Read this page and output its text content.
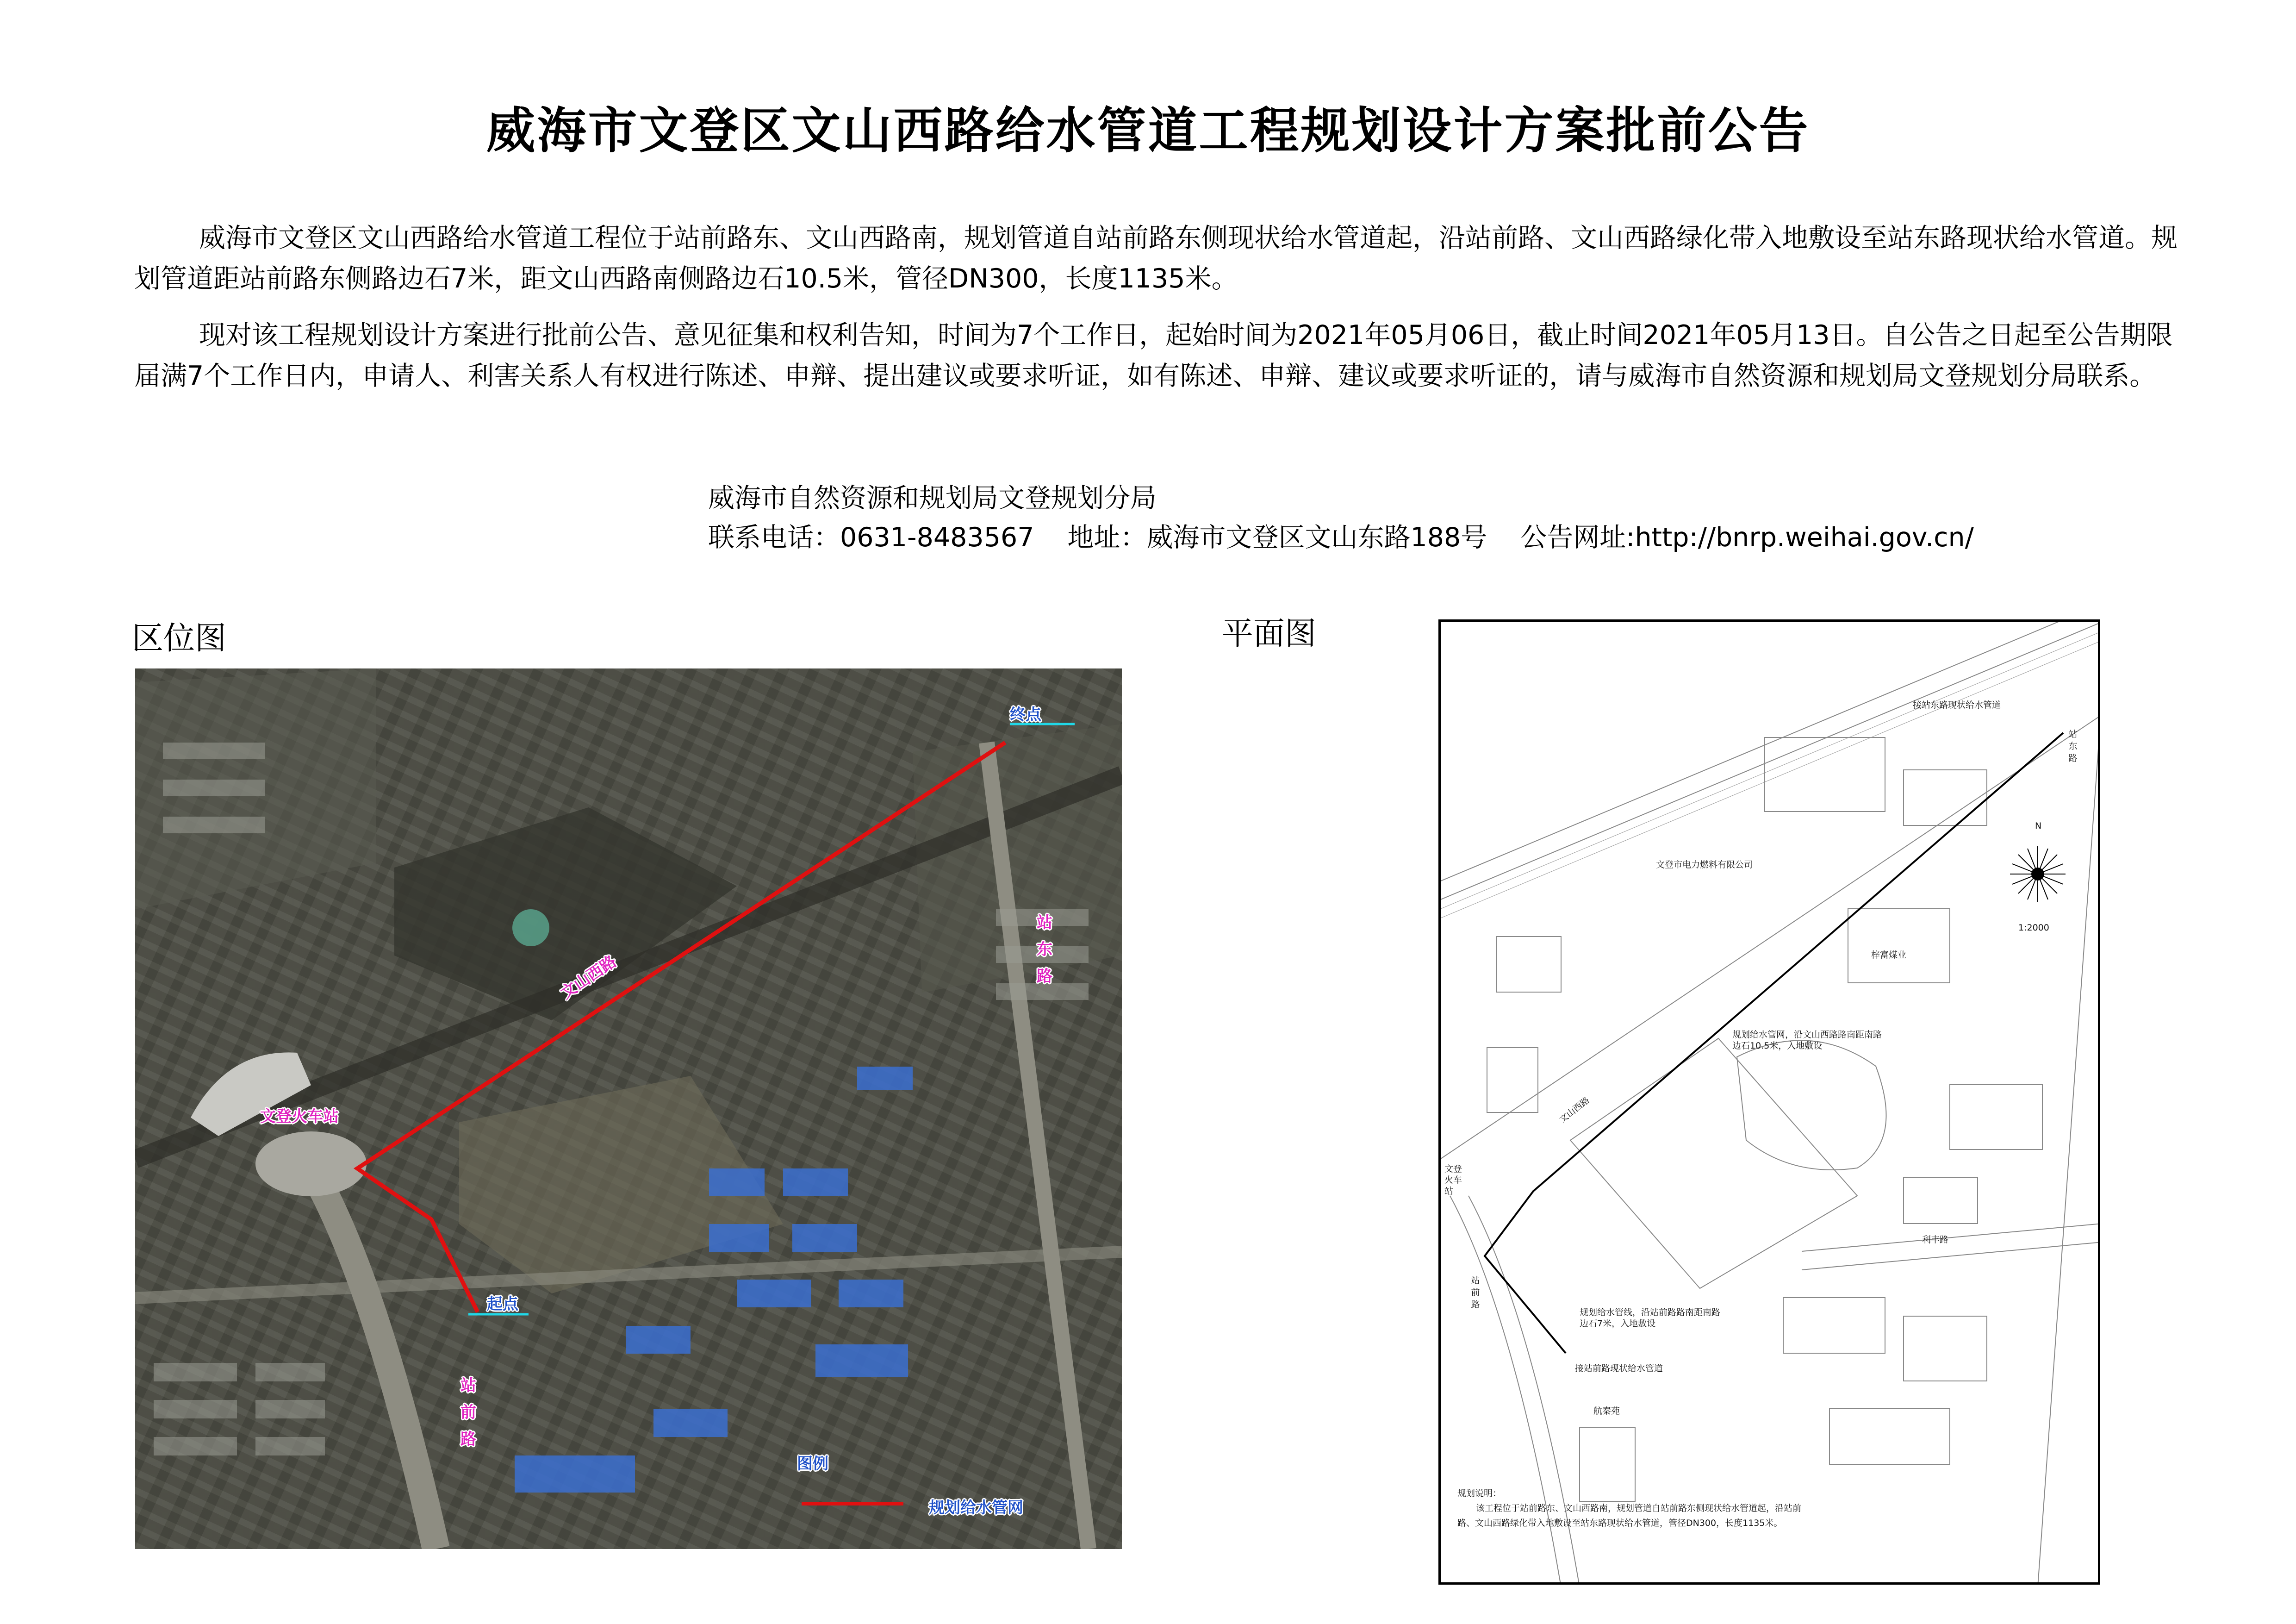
威海市文登区文山西路给水管道工程规划设计方案批前公告

威海市文登区文山西路给水管道工程位于站前路东、文山西路南，规划管道自站前路东侧现状给水管道起，沿站前路、文山西路绿化带入地敷设至站东路现状给水管道。规划管道距站前路东侧路边石7米，距文山西路南侧路边石10.5米，管径DN300，长度1135米。

现对该工程规划设计方案进行批前公告、意见征集和权利告知，时间为7个工作日，起始时间为2021年05月06日，截止时间2021年05月13日。自公告之日起至公告期限届满7个工作日内，申请人、利害关系人有权进行陈述、申辩、提出建议或要求听证，如有陈述、申辩、建议或要求听证的，请与威海市自然资源和规划局文登规划分局联系。

威海市自然资源和规划局文登规划分局
联系电话：0631-8483567 地址：威海市文登区文山东路188号 公告网址:http://bnrp.weihai.gov.cn/
区位图	平面图
终点
起点
文山西路
站东路
站前路
文登火车站
图例
规划给水管网
接站东路现状给水管道
站东路
N
1:2000
文登市电力燃料有限公司
梓富煤业
规划给水管网，沿文山西路路南距南路边石10.5米，入地敷设
文山西路
文登火车站
利丰路
站前路
规划给水管线，沿站前路路南距南路边石7米，入地敷设
接站前路现状给水管道
航秦苑
规划说明：
该工程位于站前路东、文山西路南，规划管道自站前路东侧现状给水管道起，沿站前路、文山西路绿化带入地敷设至站东路现状给水管道，管径DN300，长度1135米。
